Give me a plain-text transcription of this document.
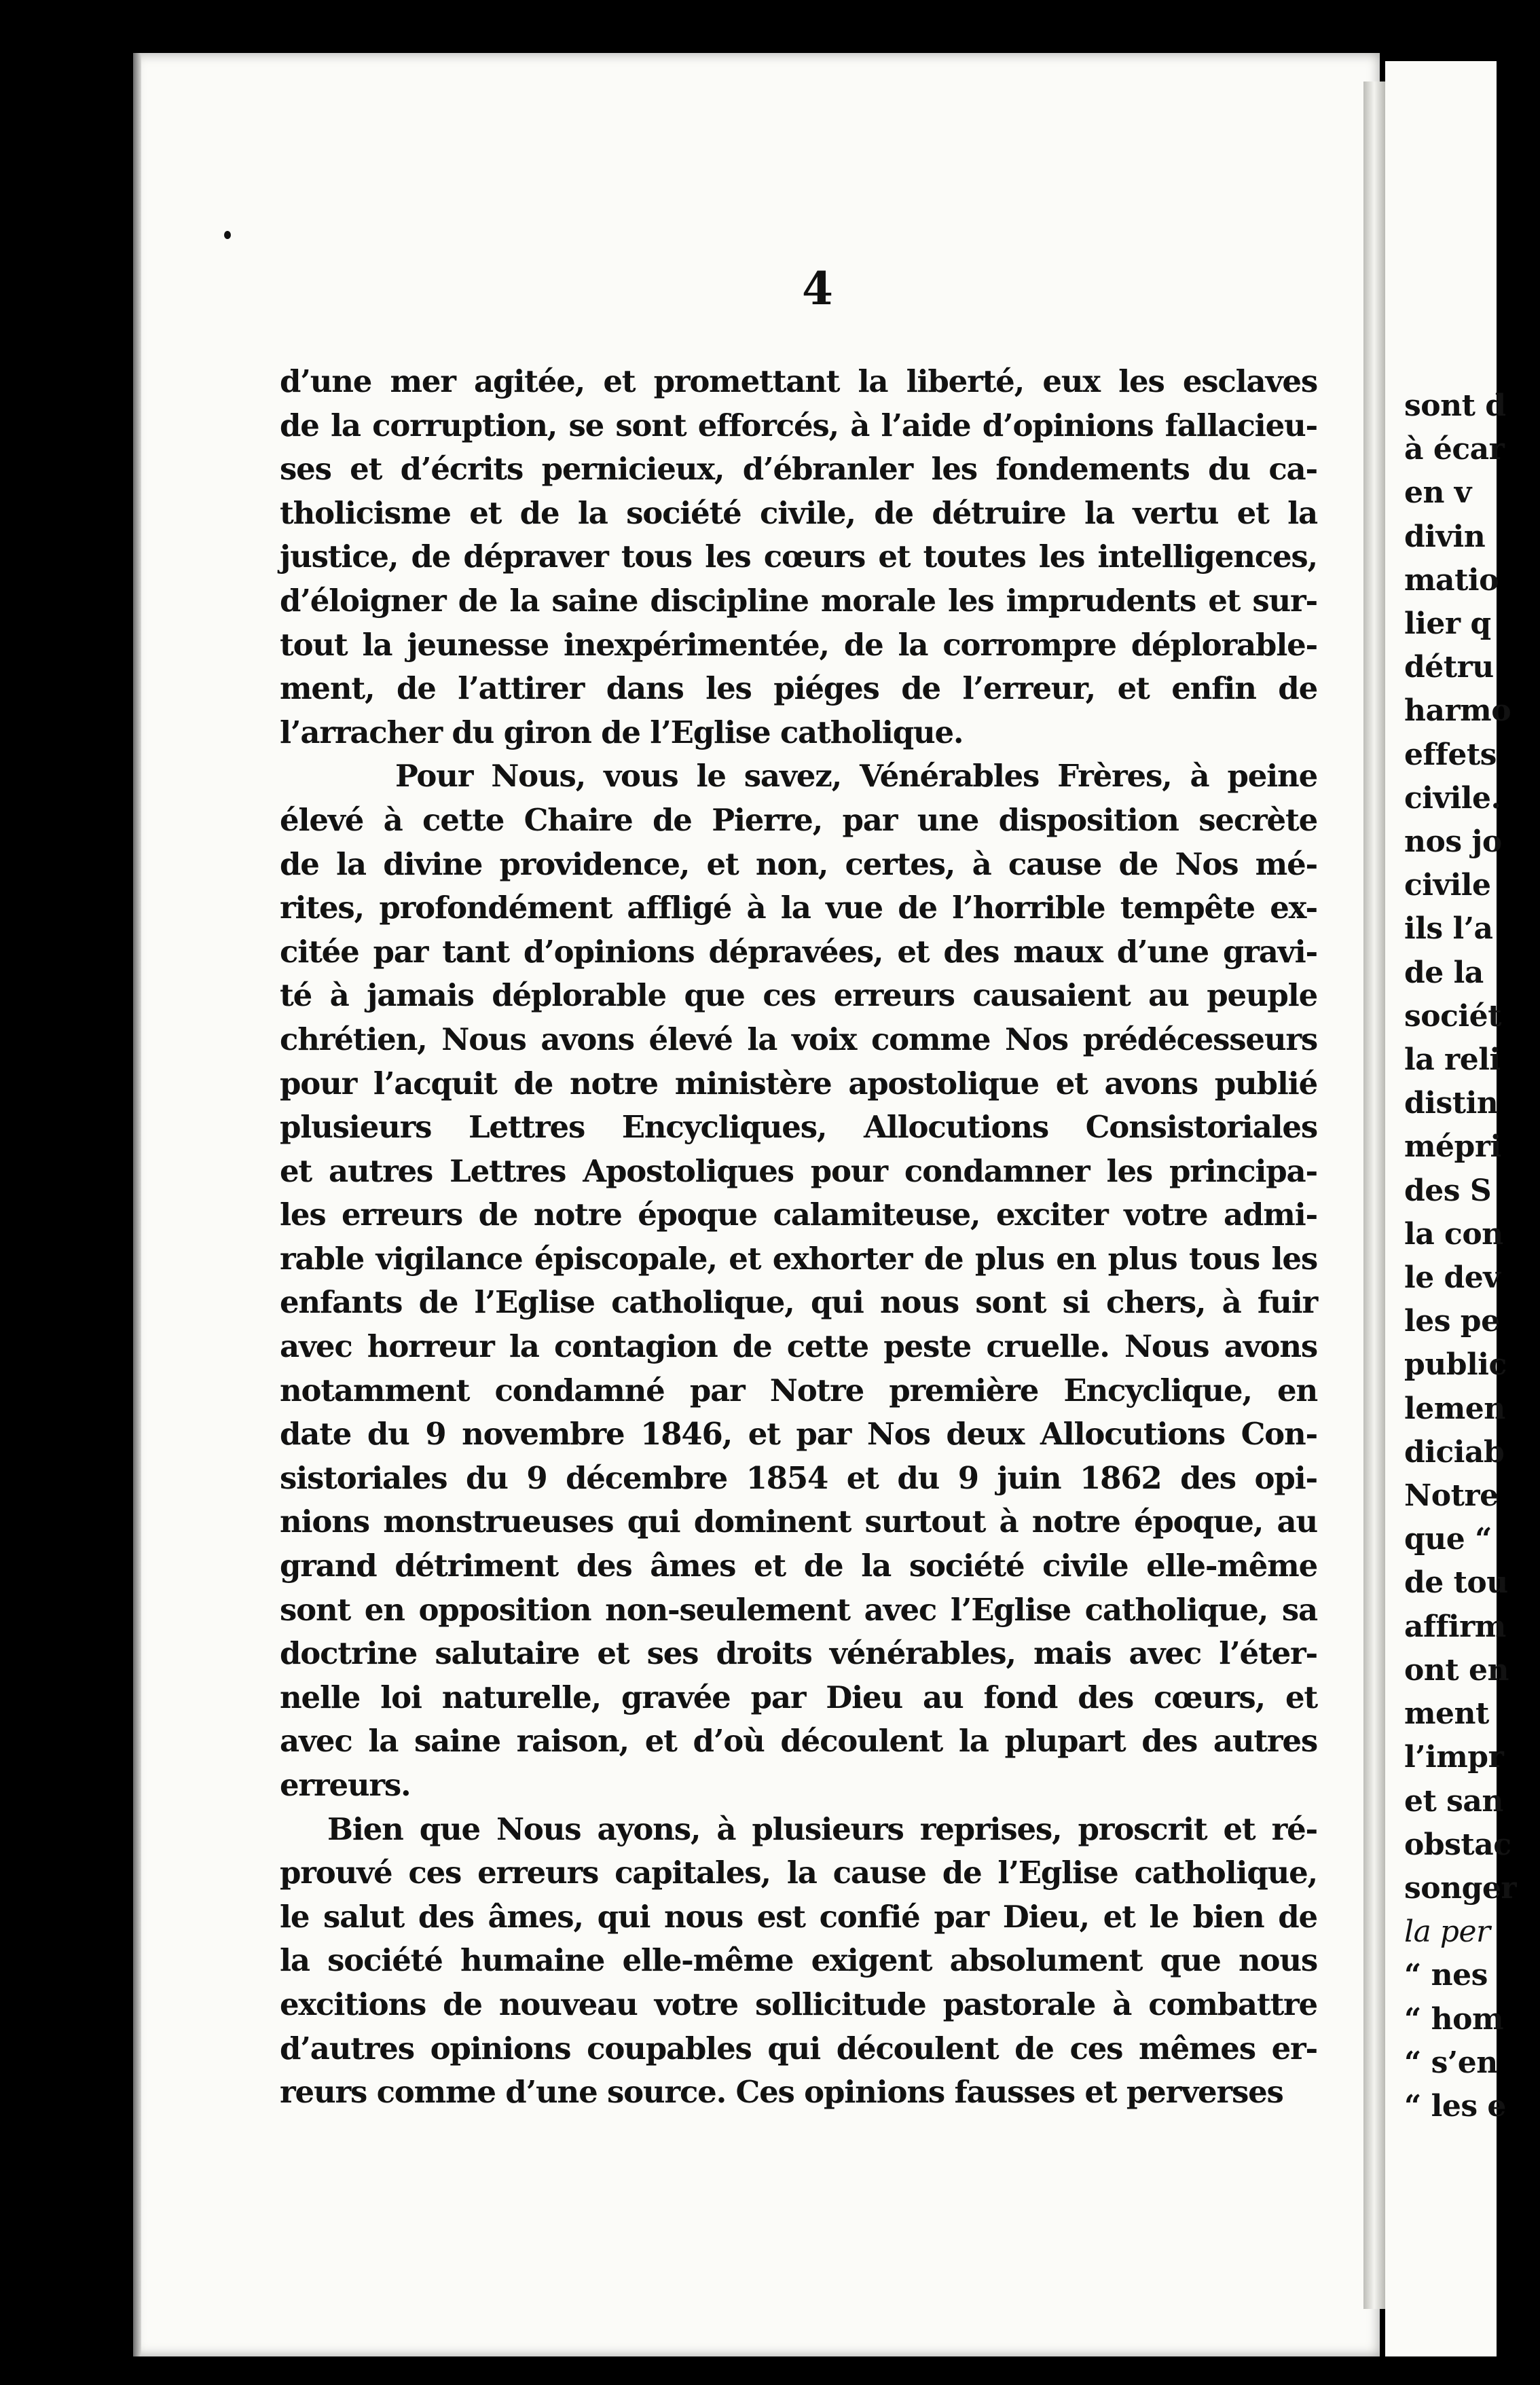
4
d’une mer agitée, et promettant la liberté, eux les esclaves
de la corruption, se sont efforcés, à l’aide d’opinions fallacieu-
ses et d’écrits pernicieux, d’ébranler les fondements du ca-
tholicisme et de la société civile, de détruire la vertu et la
justice, de dépraver tous les cœurs et toutes les intelligences,
d’éloigner de la saine discipline morale les imprudents et sur-
tout la jeunesse inexpérimentée, de la corrompre déplorable-
ment, de l’attirer dans les piéges de l’erreur, et enfin de
l’arracher du giron de l’Eglise catholique.
Pour Nous, vous le savez, Vénérables Frères, à peine
élevé à cette Chaire de Pierre, par une disposition secrète
de la divine providence, et non, certes, à cause de Nos mé-
rites, profondément affligé à la vue de l’horrible tempête ex-
citée par tant d’opinions dépravées, et des maux d’une gravi-
té à jamais déplorable que ces erreurs causaient au peuple
chrétien, Nous avons élevé la voix comme Nos prédécesseurs
pour l’acquit de notre ministère apostolique et avons publié
plusieurs Lettres Encycliques, Allocutions Consistoriales
et autres Lettres Apostoliques pour condamner les principa-
les erreurs de notre époque calamiteuse, exciter votre admi-
rable vigilance épiscopale, et exhorter de plus en plus tous les
enfants de l’Eglise catholique, qui nous sont si chers, à fuir
avec horreur la contagion de cette peste cruelle. Nous avons
notamment condamné par Notre première Encyclique, en
date du 9 novembre 1846, et par Nos deux Allocutions Con-
sistoriales du 9 décembre 1854 et du 9 juin 1862 des opi-
nions monstrueuses qui dominent surtout à notre époque, au
grand détriment des âmes et de la société civile elle-même
sont en opposition non-seulement avec l’Eglise catholique, sa
doctrine salutaire et ses droits vénérables, mais avec l’éter-
nelle loi naturelle, gravée par Dieu au fond des cœurs, et
avec la saine raison, et d’où découlent la plupart des autres
erreurs.
Bien que Nous ayons, à plusieurs reprises, proscrit et ré-
prouvé ces erreurs capitales, la cause de l’Eglise catholique,
le salut des âmes, qui nous est confié par Dieu, et le bien de
la société humaine elle-même exigent absolument que nous
excitions de nouveau votre sollicitude pastorale à combattre
d’autres opinions coupables qui découlent de ces mêmes er-
reurs comme d’une source. Ces opinions fausses et perverses
sont d
à écar
en v
divin
matio
lier q
détru
harmo
effets
civile.
nos jo
civile
ils l’a
de la
sociét
la reli
distin
mépri
des S
la con
le dev
les pe
public
lemen
diciab
Notre
que “
de tou
affirm
ont en
ment
l’impr
et san
obstac
songer
la per
“ nes
“ hom
“ s’en
“ les e
